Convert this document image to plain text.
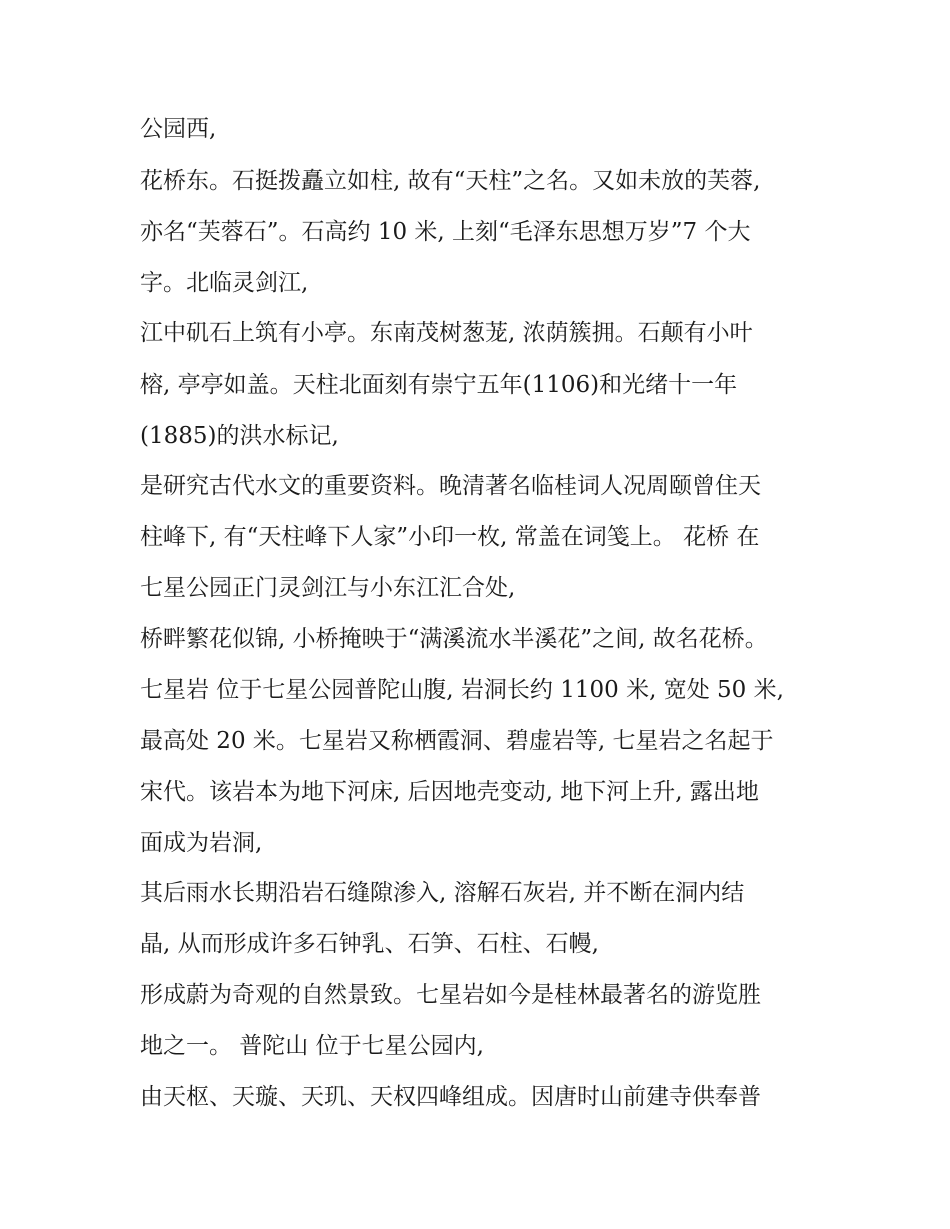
公园西,
花桥东。石挺拨矗立如柱, 故有“天柱”之名。又如未放的芙蓉,
亦名“芙蓉石”。石高约 10 米, 上刻“毛泽东思想万岁”7 个大
字。北临灵剑江,
江中矶石上筑有小亭。东南茂树葱茏, 浓荫簇拥。石颠有小叶
榕, 亭亭如盖。天柱北面刻有崇宁五年(1106)和光绪十一年
(1885)的洪水标记,
是研究古代水文的重要资料。晚清著名临桂词人况周颐曾住天
柱峰下, 有“天柱峰下人家”小印一枚, 常盖在词笺上。 花桥 在
七星公园正门灵剑江与小东江汇合处,
桥畔繁花似锦, 小桥掩映于“满溪流水半溪花”之间, 故名花桥。
七星岩 位于七星公园普陀山腹, 岩洞长约 1100 米, 宽处 50 米,
最高处 20 米。七星岩又称栖霞洞、碧虚岩等, 七星岩之名起于
宋代。该岩本为地下河床, 后因地壳变动, 地下河上升, 露出地
面成为岩洞,
其后雨水长期沿岩石缝隙渗入, 溶解石灰岩, 并不断在洞内结
晶, 从而形成许多石钟乳、石笋、石柱、石幔,
形成蔚为奇观的自然景致。七星岩如今是桂林最著名的游览胜
地之一。 普陀山 位于七星公园内,
由天枢、天璇、天玑、天权四峰组成。因唐时山前建寺供奉普
